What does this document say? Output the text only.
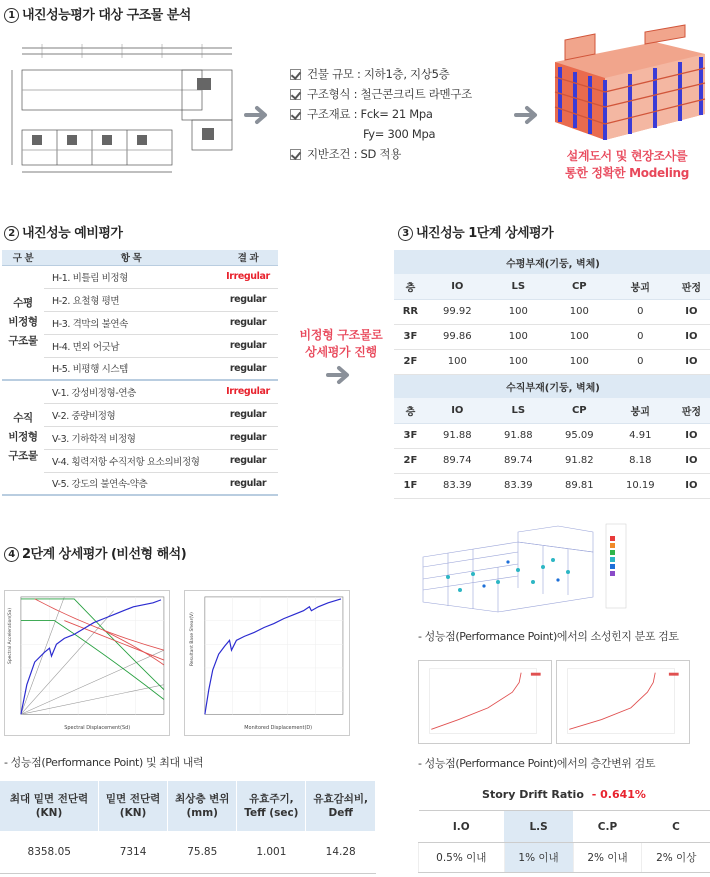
1 내진성능평가 대상 구조물 분석
건물 규모 : 지하1층, 지상5층
구조형식 : 철근콘크리트 라멘구조
구조재료 : Fck= 21 Mpa
Fy= 300 Mpa
지반조건 : SD 적용	설계도서 및 현장조사를
통한 정확한 Modeling
2 내진성능 예비평가
구 분	항 목	결 과
수평
비정형
구조물	H-1. 비틀림 비정형	Irregular
	H-2. 요철형 평면	regular
	H-3. 격막의 불연속	regular
	H-4. 면외 어긋남	regular
	H-5. 비평행 시스템	regular
수직
비정형
구조물	V-1. 강성비정형-연층	Irregular
	V-2. 중량비정형	regular
	V-3. 기하학적 비정형	regular
	V-4. 횡력저항 수직저항 요소의비정형	regular
	V-5. 강도의 불연속-약층	regular
비정형 구조물로
상세평가 진행
3 내진성능 1단계 상세평가
수평부재(기둥, 벽체)					
층	IO	LS	CP	붕괴	판정
RR	99.92	100	100	0	IO
3F	99.86	100	100	0	IO
2F	100	100	100	0	IO
수직부재(기둥, 벽체)					
층	IO	LS	CP	붕괴	판정
3F	91.88	91.88	95.09	4.91	IO
2F	89.74	89.74	91.82	8.18	IO
1F	83.39	83.39	89.81	10.19	IO
4 2단계 상세평가 (비선형 해석)
Spectral Acceleration(Sa)
Spectral Displacement(Sd)
Resultant Base Shear(V)
Monitored Displacement(D)
- 성능점(Performance Point) 및 최대 내력
최대 밑면 전단력
(KN)	밑면 전단력
(KN)	최상층 변위
(mm)	유효주기,
Teff (sec)	유효감쇠비,
Deff
8358.05	7314	75.85	1.001	14.28
- 성능점(Performance Point)에서의 소성힌지 분포 검토
- 성능점(Performance Point)에서의 층간변위 검토
Story Drift Ratio - 0.641%
I.O	L.S	C.P	C
0.5% 이내	1% 이내	2% 이내	2% 이상
